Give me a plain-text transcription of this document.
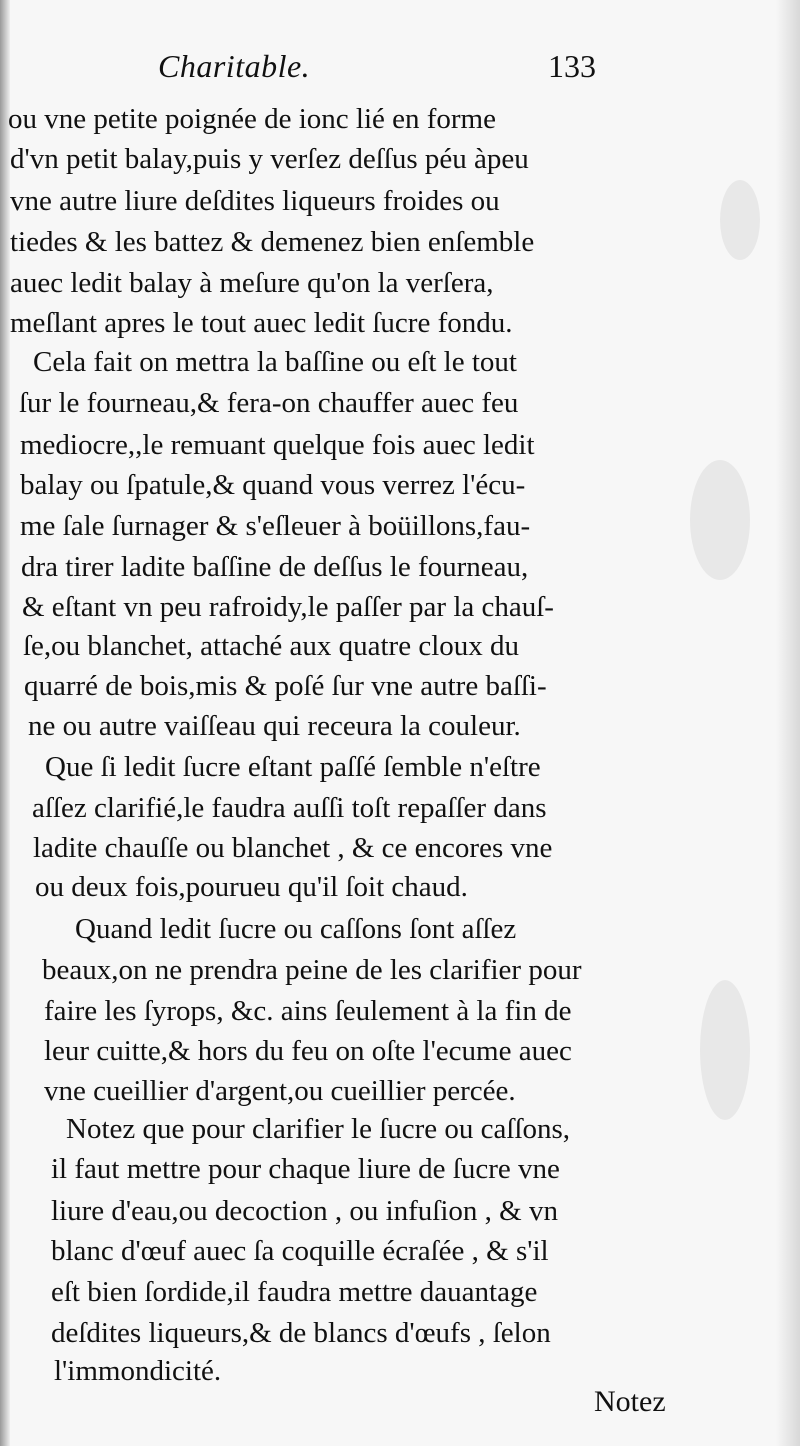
Charitable.	133
ou vne petite poignée de ionc lié en forme
d'vn petit balay,puis y verſez deſſus péu àpeu
vne autre liure deſdites liqueurs froides ou
tiedes & les battez & demenez bien enſemble
auec ledit balay à meſure qu'on la verſera,
meſlant apres le tout auec ledit ſucre fondu.
Cela fait on mettra la baſſine ou eſt le tout
ſur le fourneau,& fera-on chauffer auec feu
mediocre,,le remuant quelque fois auec ledit
balay ou ſpatule,& quand vous verrez l'écu-
me ſale ſurnager & s'eſleuer à boüillons,fau-
dra tirer ladite baſſine de deſſus le fourneau,
& eſtant vn peu rafroidy,le paſſer par la chauſ-
ſe,ou blanchet, attaché aux quatre cloux du
quarré de bois,mis & poſé ſur vne autre baſſi-
ne ou autre vaiſſeau qui receura la couleur.
Que ſi ledit ſucre eſtant paſſé ſemble n'eſtre
aſſez clarifié,le faudra auſſi toſt repaſſer dans
ladite chauſſe ou blanchet , & ce encores vne
ou deux fois,pourueu qu'il ſoit chaud.
Quand ledit ſucre ou caſſons ſont aſſez
beaux,on ne prendra peine de les clarifier pour
faire les ſyrops, &c. ains ſeulement à la fin de
leur cuitte,& hors du feu on oſte l'ecume auec
vne cueillier d'argent,ou cueillier percée.
Notez que pour clarifier le ſucre ou caſſons,
il faut mettre pour chaque liure de ſucre vne
liure d'eau,ou decoction , ou infuſion , & vn
blanc d'œuf auec ſa coquille écraſée , & s'il
eſt bien ſordide,il faudra mettre dauantage
deſdites liqueurs,& de blancs d'œufs , ſelon
l'immondicité.
Notez
